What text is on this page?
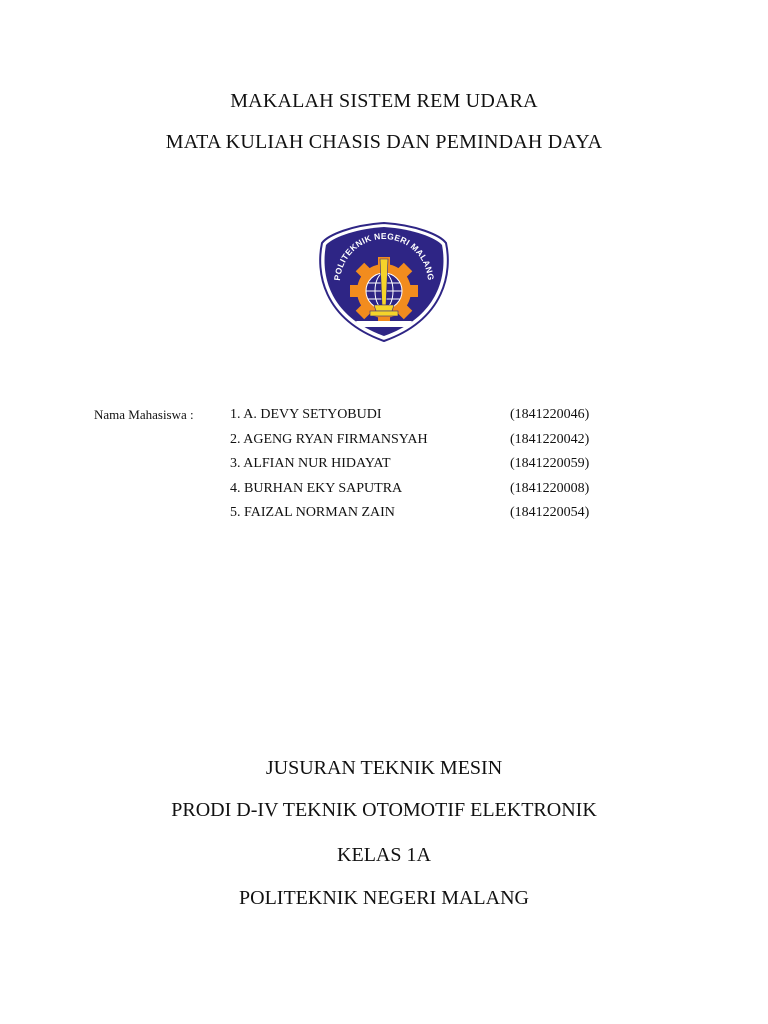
MAKALAH SISTEM REM UDARA
MATA KULIAH CHASIS DAN PEMINDAH DAYA
POLITEKNIK NEGERI MALANG
Nama Mahasiswa :	1. A. DEVY SETYOBUDI	(1841220046)
2. AGENG RYAN FIRMANSYAH	(1841220042)
3. ALFIAN NUR HIDAYAT	(1841220059)
4. BURHAN EKY SAPUTRA	(1841220008)
5. FAIZAL NORMAN ZAIN	(1841220054)
JUSURAN TEKNIK MESIN
PRODI D-IV TEKNIK OTOMOTIF ELEKTRONIK
KELAS 1A
POLITEKNIK NEGERI MALANG
